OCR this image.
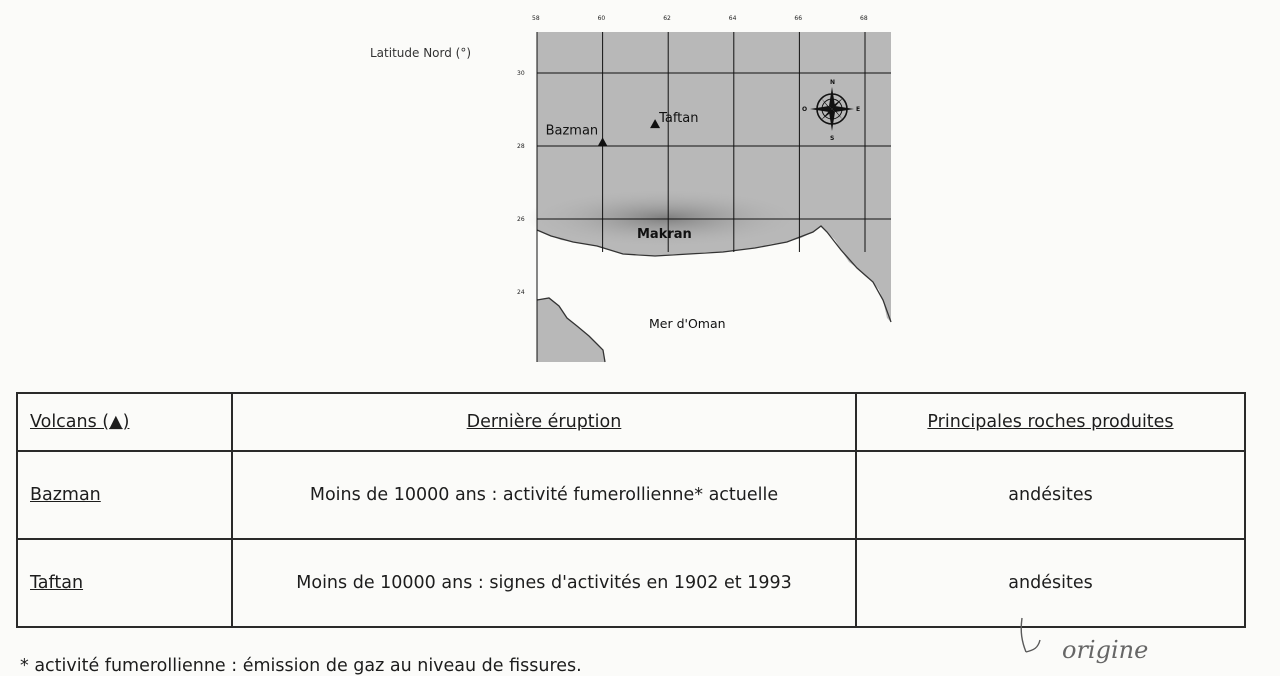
Latitude Nord (°)
58	60	62	64	66	68
30
28
26
24
N
S
E
O
Bazman
Taftan
Makran
Mer d'Oman
Volcans (▲)	Dernière éruption	Principales roches produites
Bazman	Moins de 10000 ans : activité fumerollienne* actuelle	andésites
Taftan	Moins de 10000 ans : signes d'activités en 1902 et 1993	andésites
* activité fumerollienne : émission de gaz au niveau de fissures.
origine
